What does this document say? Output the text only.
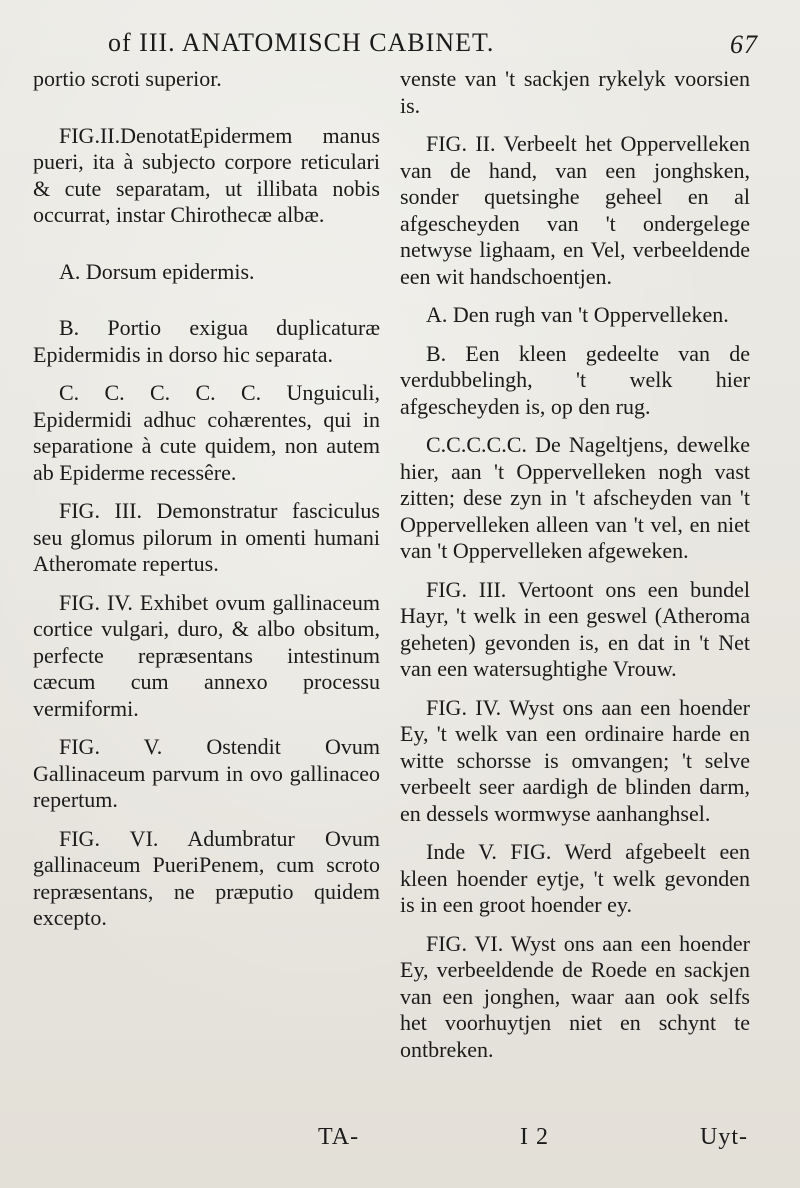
of III. ANATOMISCH CABINET.	67

portio scroti superior.

FIG.II.DenotatEpidermem manus pueri, ita à subjecto corpore reticulari & cute separatam, ut illibata nobis occurrat, instar Chirothecæ albæ.

A. Dorsum epidermis.

B. Portio exigua duplicaturæ Epidermidis in dorso hic separata.

C. C. C. C. C. Unguiculi, Epidermidi adhuc cohærentes, qui in separatione à cute quidem, non autem ab Epiderme recessêre.

FIG. III. Demonstratur fasciculus seu glomus pilorum in omenti humani Atheromate repertus.

FIG. IV. Exhibet ovum gallinaceum cortice vulgari, duro, & albo obsitum, perfecte repræsentans intestinum cæcum cum annexo processu vermiformi.

FIG. V. Ostendit Ovum Gallinaceum parvum in ovo gallinaceo repertum.

FIG. VI. Adumbratur Ovum gallinaceum PueriPenem, cum scroto repræsentans, ne præputio quidem excepto.

venste van 't sackjen rykelyk voorsien is.

FIG. II. Verbeelt het Oppervelleken van de hand, van een jonghsken, sonder quetsinghe geheel en al afgescheyden van 't ondergelege netwyse lighaam, en Vel, verbeeldende een wit handschoentjen.

A. Den rugh van 't Oppervelleken.

B. Een kleen gedeelte van de verdubbelingh, 't welk hier afgescheyden is, op den rug.

C.C.C.C.C. De Nageltjens, dewelke hier, aan 't Oppervelleken nogh vast zitten; dese zyn in 't afscheyden van 't Oppervelleken alleen van 't vel, en niet van 't Oppervelleken afgeweken.

FIG. III. Vertoont ons een bundel Hayr, 't welk in een geswel (Atheroma geheten) gevonden is, en dat in 't Net van een watersughtighe Vrouw.

FIG. IV. Wyst ons aan een hoender Ey, 't welk van een ordinaire harde en witte schorsse is omvangen; 't selve verbeelt seer aardigh de blinden darm, en dessels wormwyse aanhanghsel.

Inde V. FIG. Werd afgebeelt een kleen hoender eytje, 't welk gevonden is in een groot hoender ey.

FIG. VI. Wyst ons aan een hoender Ey, verbeeldende de Roede en sackjen van een jonghen, waar aan ook selfs het voorhuytjen niet en schynt te ontbreken.

TA-	I 2	Uyt-
